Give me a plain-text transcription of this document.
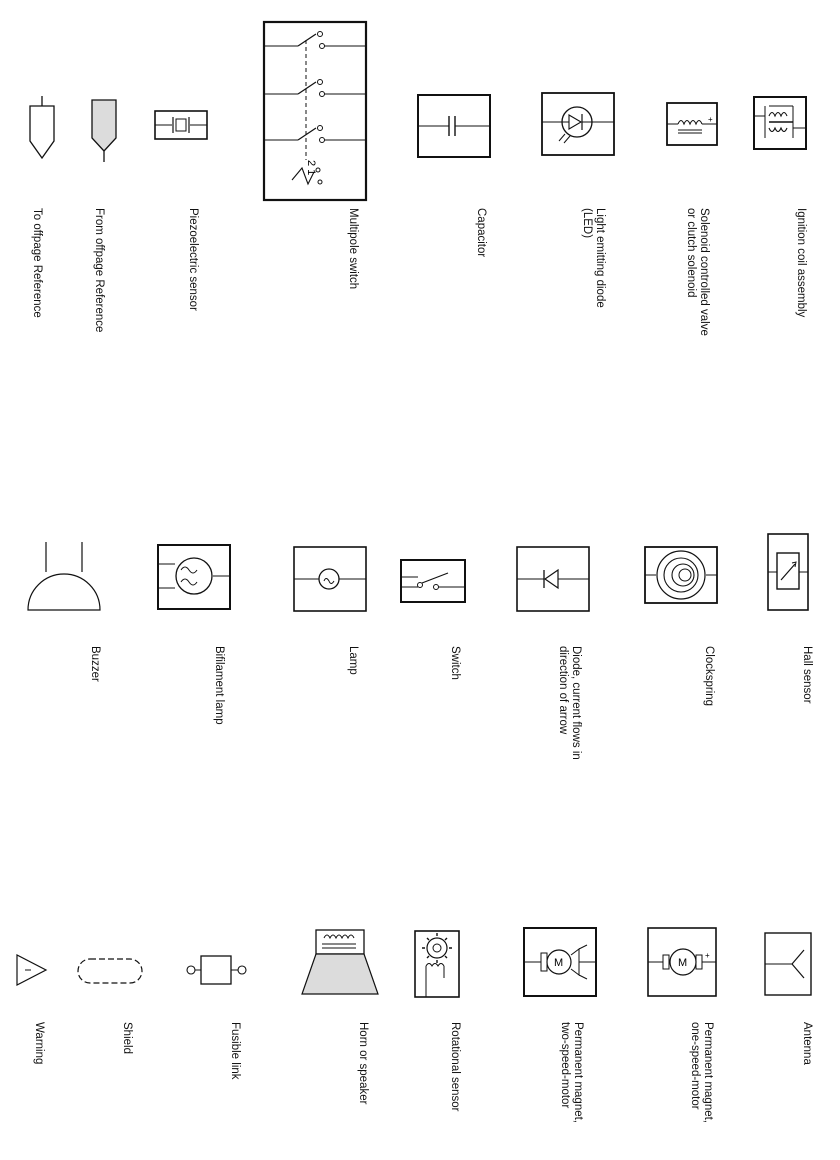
To offpage Reference	From offpage Reference	Piezoelectric sensor
2 1
Multipole switch	Capacitor	Light emitting diode
(LED)
+
Solenoid controlled valve
or clutch solenoid	Ignition coil assembly
Buzzer	Bifilament lamp	Lamp	Switch	Diode, current flows in
direction of arrow	Clockspring	Hall sensor
Warning	Shield	Fusible link	Horn or speaker	Rotational sensor
M
Permanent magnet,
two-speed-motor
M
+
Permanent magnet,
one-speed-motor	Antenna
Wiring diagram symbols
